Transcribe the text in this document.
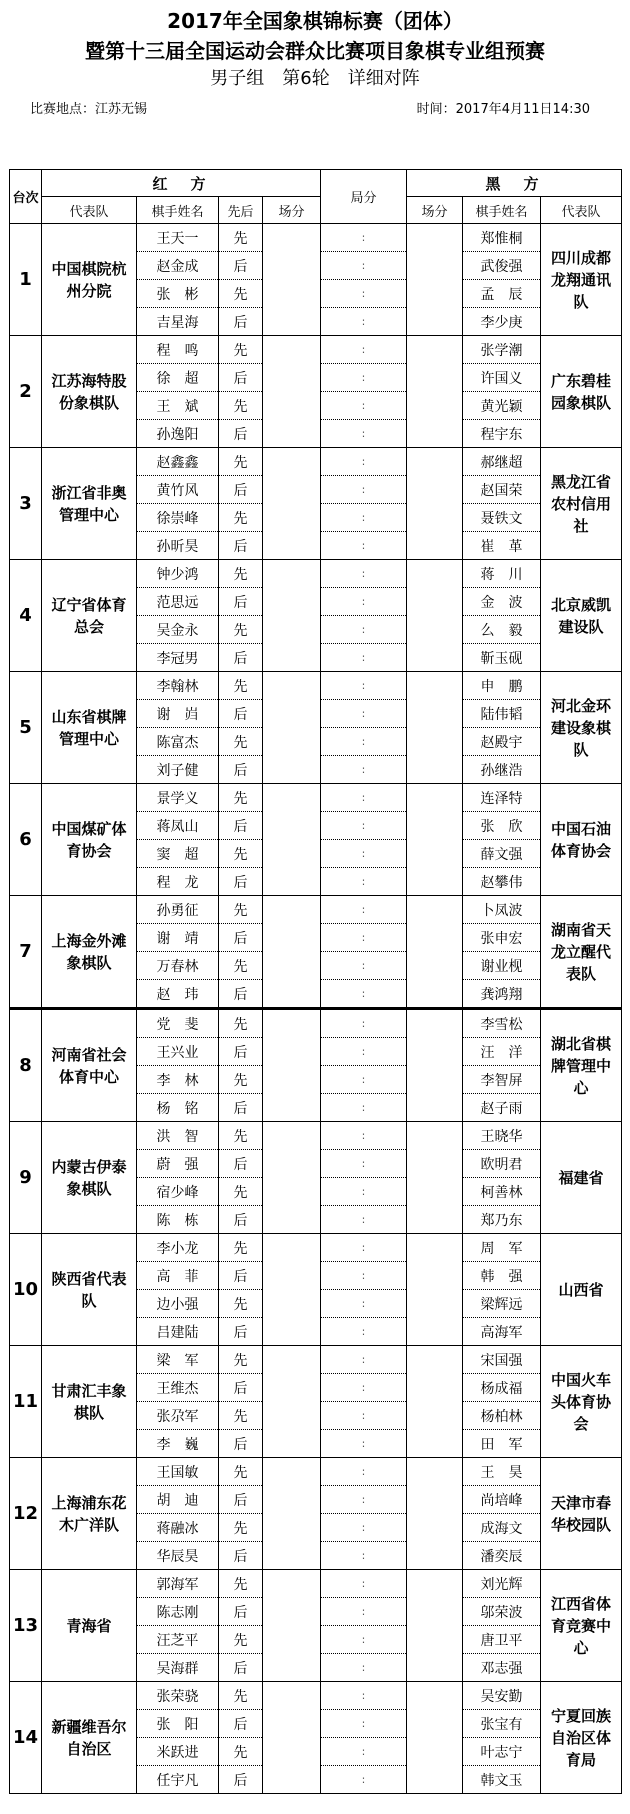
2017年全国象棋锦标赛（团体）
暨第十三届全国运动会群众比赛项目象棋专业组预赛
男子组　第6轮　详细对阵
比赛地点：江苏无锡	时间：2017年4月11日14:30
台次	红　方				局分	黑　方		
	代表队	棋手姓名	先后	场分		场分	棋手姓名	代表队
1	中国棋院杭州分院	王天一	先		:		郑惟桐	四川成都龙翔通讯队
		赵金成	后		:		武俊强	
		张　彬	先		:		孟　辰	
		吉星海	后		:		李少庚	
2	江苏海特股份象棋队	程　鸣	先		:		张学潮	广东碧桂园象棋队
		徐　超	后		:		许国义	
		王　斌	先		:		黄光颖	
		孙逸阳	后		:		程宇东	
3	浙江省非奥管理中心	赵鑫鑫	先		:		郝继超	黑龙江省农村信用社
		黄竹风	后		:		赵国荣	
		徐崇峰	先		:		聂铁文	
		孙昕昊	后		:		崔　革	
4	辽宁省体育总会	钟少鸿	先		:		蒋　川	北京威凯建设队
		范思远	后		:		金　波	
		吴金永	先		:		么　毅	
		李冠男	后		:		靳玉砚	
5	山东省棋牌管理中心	李翰林	先		:		申　鹏	河北金环建设象棋队
		谢　岿	后		:		陆伟韬	
		陈富杰	先		:		赵殿宇	
		刘子健	后		:		孙继浩	
6	中国煤矿体育协会	景学义	先		:		连泽特	中国石油体育协会
		蒋凤山	后		:		张　欣	
		窦　超	先		:		薛文强	
		程　龙	后		:		赵攀伟	
7	上海金外滩象棋队	孙勇征	先		:		卜凤波	湖南省天龙立醒代表队
		谢　靖	后		:		张申宏	
		万春林	先		:		谢业枧	
		赵　玮	后		:		龚鸿翔	
8	河南省社会体育中心	党　斐	先		:		李雪松	湖北省棋牌管理中心
		王兴业	后		:		汪　洋	
		李　林	先		:		李智屏	
		杨　铭	后		:		赵子雨	
9	内蒙古伊泰象棋队	洪　智	先		:		王晓华	福建省
		蔚　强	后		:		欧明君	
		宿少峰	先		:		柯善林	
		陈　栋	后		:		郑乃东	
10	陕西省代表队	李小龙	先		:		周　军	山西省
		高　菲	后		:		韩　强	
		边小强	先		:		梁辉远	
		吕建陆	后		:		高海军	
11	甘肃汇丰象棋队	梁　军	先		:		宋国强	中国火车头体育协会
		王维杰	后		:		杨成福	
		张尕军	先		:		杨柏林	
		李　巍	后		:		田　军	
12	上海浦东花木广洋队	王国敏	先		:		王　昊	天津市春华校园队
		胡　迪	后		:		尚培峰	
		蒋融冰	先		:		成海文	
		华辰昊	后		:		潘奕辰	
13	青海省	郭海军	先		:		刘光辉	江西省体育竞赛中心
		陈志刚	后		:		邬荣波	
		汪芝平	先		:		唐卫平	
		吴海群	后		:		邓志强	
14	新疆维吾尔自治区	张荣骁	先		:		吴安勤	宁夏回族自治区体育局
		张　阳	后		:		张宝有	
		米跃进	先		:		叶志宁	
		任宇凡	后		:		韩文玉	
